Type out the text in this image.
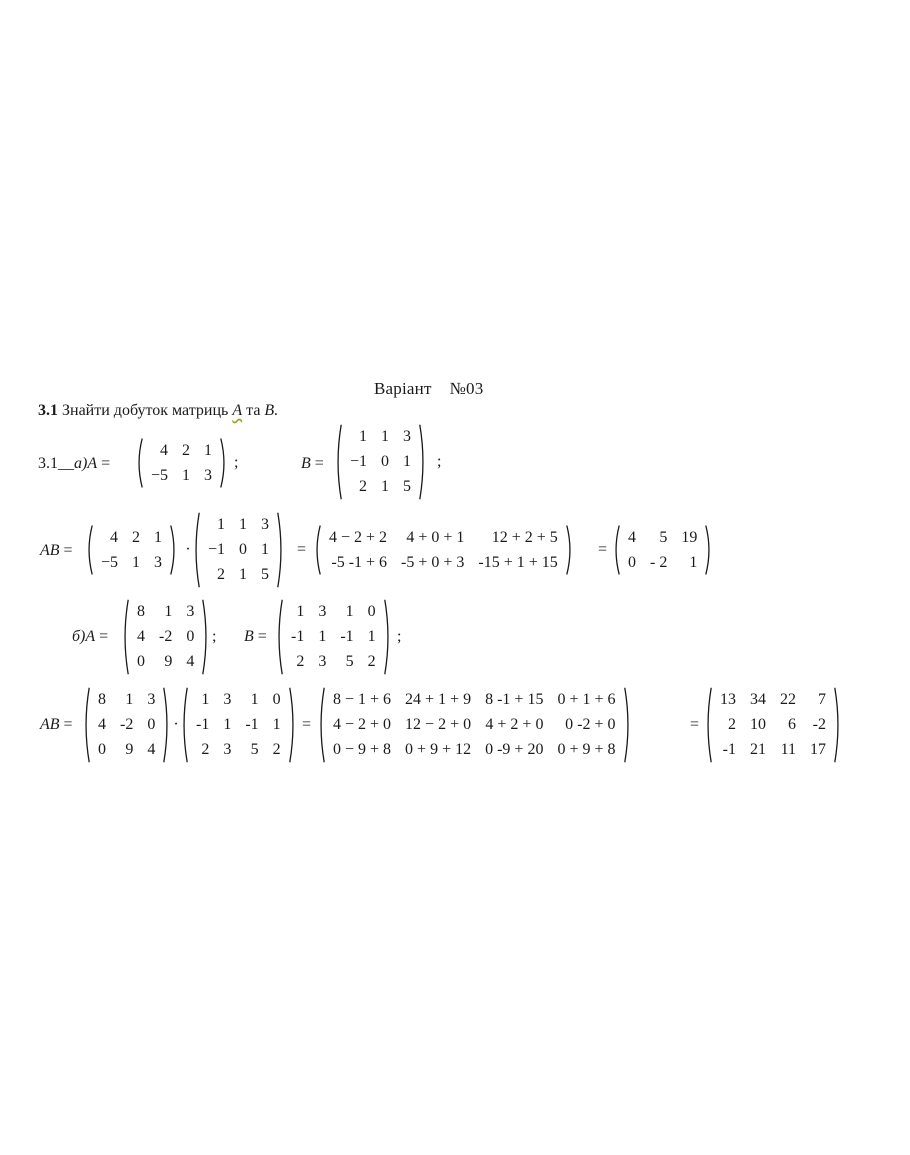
Варіант №03
3.1 Знайти добуток матриць A та B.
3.1__ а) A =
4	2	1
−5	1	3
;	B =
1	1	3
−1	0	1
2	1	5
;
AB =
4	2	1
−5	1	3
·
1	1	3
−1	0	1
2	1	5
=
4 − 2 + 2	4 + 0 + 1	12 + 2 + 5
-5 -1 + 6	-5 + 0 + 3	-15 + 1 + 15
=
4	5	19
0	- 2	1
б) A =
8	1	3
4	-2	0
0	9	4
; B =
1	3	1	0
-1	1	-1	1
2	3	5	2
;
AB =
8	1	3
4	-2	0
0	9	4
·
1	3	1	0
-1	1	-1	1
2	3	5	2
=
8 − 1 + 6	24 + 1 + 9	8 -1 + 15	0 + 1 + 6
4 − 2 + 0	12 − 2 + 0	4 + 2 + 0	0 -2 + 0
0 − 9 + 8	0 + 9 + 12	0 -9 + 20	0 + 9 + 8
=
13	34	22	7
2	10	6	-2
-1	21	11	17
